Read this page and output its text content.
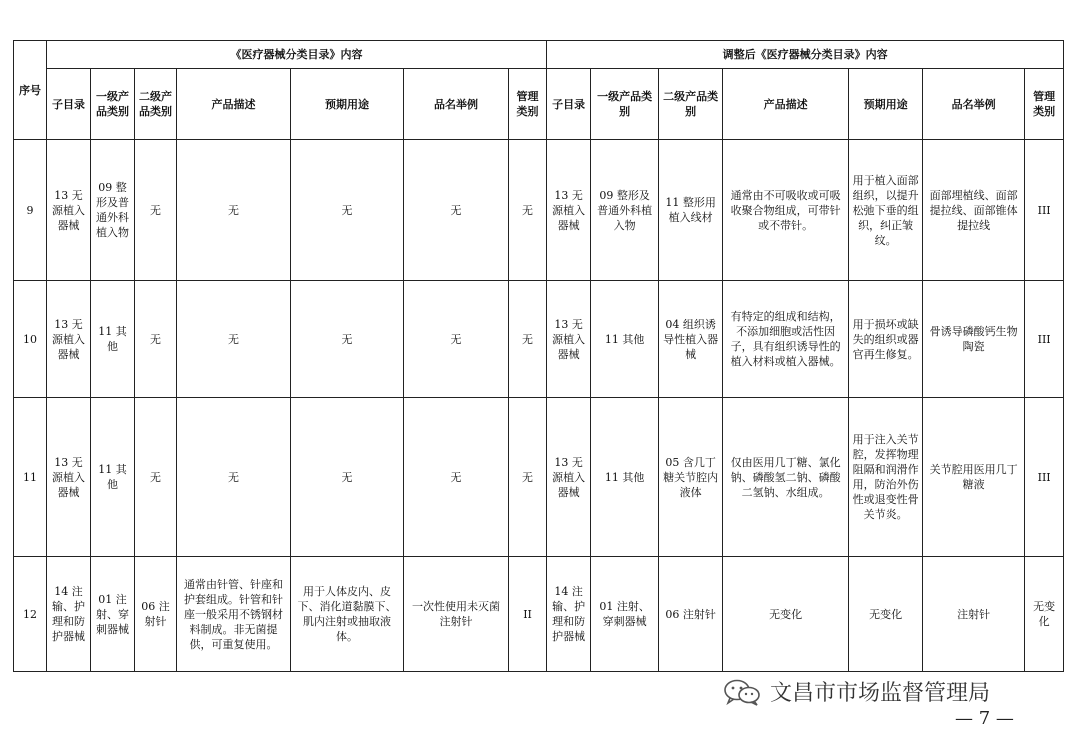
序号	《医疗器械分类目录》内容							调整后《医疗器械分类目录》内容						
	子目录	一级产品类别	二级产品类别	产品描述	预期用途	品名举例	管理类别	子目录	一级产品类别	二级产品类别	产品描述	预期用途	品名举例	管理类别
9	13 无源植入器械	09 整形及普通外科植入物	无	无	无	无	无	13 无源植入器械	09 整形及普通外科植入物	11 整形用植入线材	通常由不可吸收或可吸收聚合物组成，可带针或不带针。	用于植入面部组织，以提升松弛下垂的组织，纠正皱纹。	面部埋植线、面部提拉线、面部锥体提拉线	III
10	13 无源植入器械	11 其他	无	无	无	无	无	13 无源植入器械	11 其他	04 组织诱导性植入器械	有特定的组成和结构，不添加细胞或活性因子，具有组织诱导性的植入材料或植入器械。	用于损坏或缺失的组织或器官再生修复。	骨诱导磷酸钙生物陶瓷	III
11	13 无源植入器械	11 其他	无	无	无	无	无	13 无源植入器械	11 其他	05 含几丁糖关节腔内液体	仅由医用几丁糖、氯化钠、磷酸氢二钠、磷酸二氢钠、水组成。	用于注入关节腔，发挥物理阻隔和润滑作用，防治外伤性或退变性骨关节炎。	关节腔用医用几丁糖液	III
12	14 注输、护理和防护器械	01 注射、穿刺器械	06 注射针	通常由针管、针座和护套组成。针管和针座一般采用不锈钢材料制成。非无菌提供，可重复使用。	用于人体皮内、皮下、消化道黏膜下、肌内注射或抽取液体。	一次性使用未灭菌注射针	II	14 注输、护理和防护器械	01 注射、穿刺器械	06 注射针	无变化	无变化	注射针	无变化
文昌市市场监督管理局
— 7 —
